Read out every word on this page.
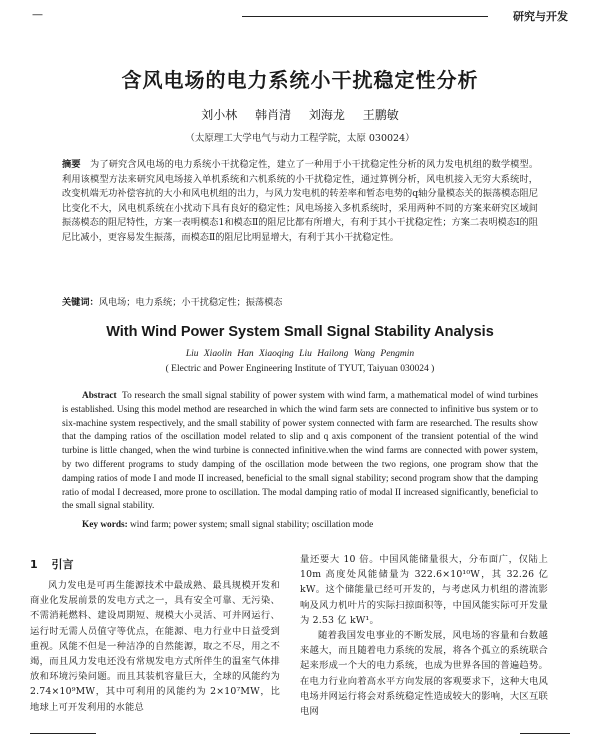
—	研究与开发
含风电场的电力系统小干扰稳定性分析
刘小林 韩肖清 刘海龙 王鹏敏
（太原理工大学电气与动力工程学院，太原 030024）

摘要　 为了研究含风电场的电力系统小干扰稳定性，建立了一种用于小干扰稳定性分析的风力发电机组的数学模型。利用该模型方法来研究风电场接入单机系统和六机系统的小干扰稳定性，通过算例分析，风电机接入无穷大系统时，改变机端无功补偿容抗的大小和风电机组的出力，与风力发电机的转差率和暂态电势的q轴分量模态关的振荡模态阻尼比变化不大，风电机系统在小扰动下具有良好的稳定性；风电场接入多机系统时，采用两种不同的方案来研究区域间振荡模态的阻尼特性，方案一表明模态1和模态Ⅱ的阻尼比都有所增大，有利于其小干扰稳定性；方案二表明模态Ⅰ的阻尼比减小，更容易发生振荡，而模态Ⅱ的阻尼比明显增大，有利于其小干扰稳定性。

关键词：风电场；电力系统；小干扰稳定性；振荡模态

With Wind Power System Small Signal Stability Analysis
Liu Xiaolin Han Xiaoqing Liu Hailong Wang Pengmin
( Electric and Power Engineering Institute of TYUT, Taiyuan 030024 )

Abstract To research the small signal stability of power system with wind farm, a mathematical model of wind turbines is established. Using this model method are researched in which the wind farm sets are connected to infinitive bus system or to six-machine system respectively, and the small stability of power system connected with farm are researched. The results show that the damping ratios of the oscillation model related to slip and q axis component of the transient potential of the wind turbine is little changed, when the wind turbine is connected infinitive.when the wind farms are connected with power system, by two different programs to study damping of the oscillation mode between the two regions, one program show that the damping ratios of mode I and mode II increased, beneficial to the small signal stability; second program show that the damping ratio of modal I decreased, more prone to oscillation. The modal damping ratio of modal II increased significantly, beneficial to the small signal stability.

Key words: wind farm; power system; small signal stability; oscillation mode

1 引言

风力发电是可再生能源技术中最成熟、最具规模开发和商业化发展前景的发电方式之一，具有安全可靠、无污染、不需消耗燃料、建设周期短、规模大小灵活、可并网运行、运行时无需人员值守等优点，在能源、电力行业中日益受到重视。风能不但是一种洁净的自然能源，取之不尽，用之不竭，而且风力发电还没有常规发电方式所伴生的温室气体排放和环境污染问题。而且其装机容量巨大，全球的风能约为 2.74×10⁹MW，其中可利用的风能约为 2×10⁷MW，比地球上可开发利用的水能总

量还要大 10 倍。中国风能储量很大，分布面广，仅陆上 10m 高度处风能储量为 322.6×10¹⁰W，其 32.26 亿 kW。这个储能量已经可开发的，与考虑风力机组的潜流影响及风力机叶片的实际扫掠面积等，中国风能实际可开发量为 2.53 亿 kW¹。

随着我国发电事业的不断发展，风电场的容量和台数越来越大，而且随着电力系统的发展，将各个孤立的系统联合起来形成一个大的电力系统，也成为世界各国的普遍趋势。在电力行业向着高水平方向发展的客观要求下，这种大电风电场并网运行将会对系统稳定性造成较大的影响，大区互联电网
